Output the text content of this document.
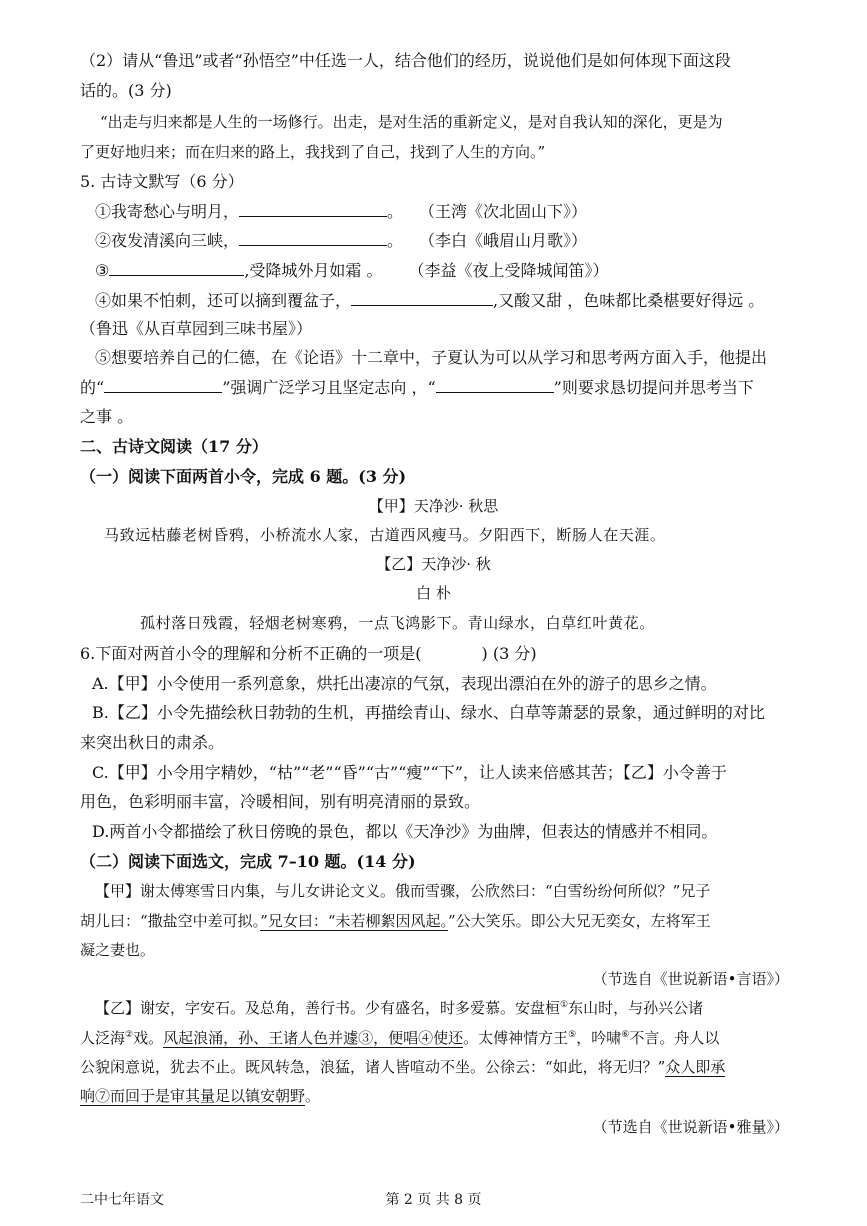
（2）请从“鲁迅”或者“孙悟空”中任选一人，结合他们的经历，说说他们是如何体现下面这段
话的。(3 分)
“出走与归来都是人生的一场修行。出走，是对生活的重新定义，是对自我认知的深化，更是为
了更好地归来；而在归来的路上，我找到了自己，找到了人生的方向。”
5. 古诗文默写（6 分）
①我寄愁心与明月，	。 （王湾《次北固山下》）
②夜发清溪向三峡，	。 （李白《峨眉山月歌》）
③	,受降城外月如霜 。 （李益《夜上受降城闻笛》）
④如果不怕刺，还可以摘到覆盆子，	,又酸又甜 ，色味都比桑椹要好得远 。
（鲁迅《从百草园到三味书屋》）
⑤想要培养自己的仁德，在《论语》十二章中，子夏认为可以从学习和思考两方面入手，他提出
的“	”强调广泛学习且坚定志向 ，“	”则要求恳切提问并思考当下
之事 。
二、古诗文阅读（17 分）
（一）阅读下面两首小令，完成 6 题。(3 分)
【甲】天净沙· 秋思
马致远枯藤老树昏鸦，小桥流水人家，古道西风瘦马。夕阳西下，断肠人在天涯。
【乙】天净沙· 秋
白 朴
孤村落日残霞，轻烟老树寒鸦，一点飞鸿影下。青山绿水，白草红叶黄花。
6.下面对两首小令的理解和分析不正确的一项是(	) (3 分)
A.【甲】小令使用一系列意象，烘托出凄凉的气氛，表现出漂泊在外的游子的思乡之情。
B.【乙】小令先描绘秋日勃勃的生机，再描绘青山、绿水、白草等萧瑟的景象，通过鲜明的对比
来突出秋日的肃杀。
C.【甲】小令用字精妙，“枯”“老”“昏”“古”“瘦”“下”，让人读来倍感其苦；【乙】小令善于
用色，色彩明丽丰富，冷暖相间，别有明亮清丽的景致。
D.两首小令都描绘了秋日傍晚的景色，都以《天净沙》为曲牌，但表达的情感并不相同。
（二）阅读下面选文，完成 7–10 题。(14 分)
【甲】谢太傅寒雪日内集，与儿女讲论文义。俄而雪骤，公欣然曰：“白雪纷纷何所似？”兄子
胡儿曰：“撒盐空中差可拟。”兄女曰：“未若柳絮因风起。”公大笑乐。即公大兄无奕女，左将军王
凝之妻也。
（节选自《世说新语•言语》）
【乙】谢安，字安石。及总角，善行书。少有盛名，时多爱慕。安盘桓①东山时，与孙兴公诸
人泛海②戏。风起浪涌，孙、王诸人色并遽③，便唱④使还。太傅神情方王⑤，吟啸⑥不言。舟人以
公貌闲意说，犹去不止。既风转急，浪猛，诸人皆喧动不坐。公徐云：“如此，将无归？”众人即承
响⑦而回于是审其量足以镇安朝野。
（节选自《世说新语•雅量》）
二中七年语文	第 2 页 共 8 页
